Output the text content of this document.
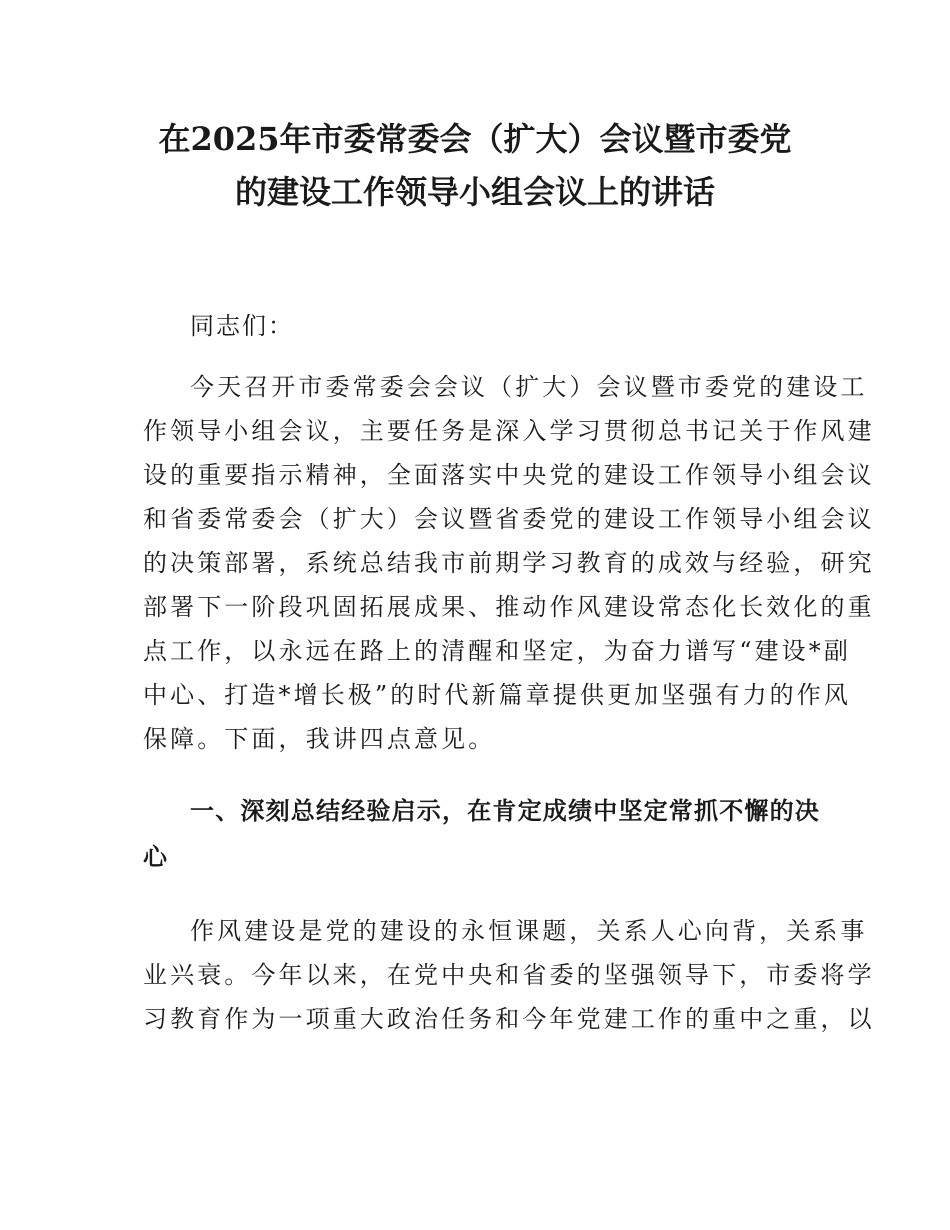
在2025年市委常委会（扩大）会议暨市委党
的建设工作领导小组会议上的讲话

同志们：

今天召开市委常委会会议（扩大）会议暨市委党的建设工

作领导小组会议，主要任务是深入学习贯彻总书记关于作风建

设的重要指示精神，全面落实中央党的建设工作领导小组会议

和省委常委会（扩大）会议暨省委党的建设工作领导小组会议

的决策部署，系统总结我市前期学习教育的成效与经验，研究

部署下一阶段巩固拓展成果、推动作风建设常态化长效化的重

点工作，以永远在路上的清醒和坚定，为奋力谱写“建设*副

中心、打造*增长极”的时代新篇章提供更加坚强有力的作风

保障。下面，我讲四点意见。

一、深刻总结经验启示，在肯定成绩中坚定常抓不懈的决

心

作风建设是党的建设的永恒课题，关系人心向背，关系事

业兴衰。今年以来，在党中央和省委的坚强领导下，市委将学

习教育作为一项重大政治任务和今年党建工作的重中之重，以
